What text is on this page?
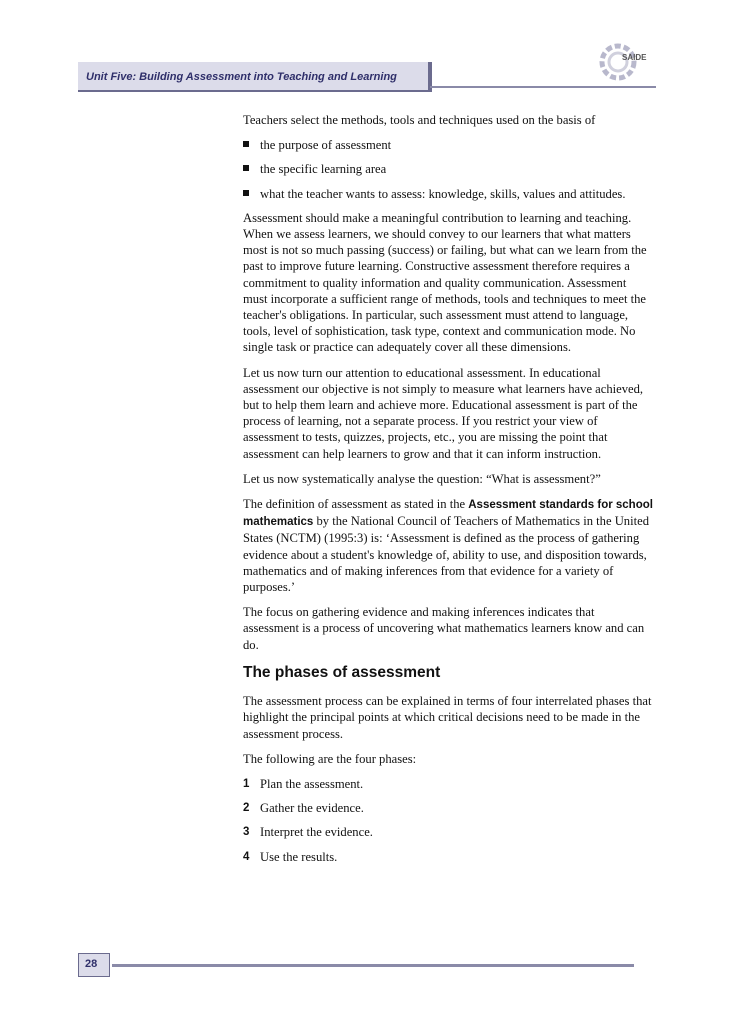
Unit Five: Building Assessment into Teaching and Learning
SAIDE

Teachers select the methods, tools and techniques used on the basis of

the purpose of assessment
the specific learning area
what the teacher wants to assess: knowledge, skills, values and attitudes.

Assessment should make a meaningful contribution to learning and teaching. When we assess learners, we should convey to our learners that what matters most is not so much passing (success) or failing, but what can we learn from the past to improve future learning. Constructive assessment therefore requires a commitment to quality information and quality communication. Assessment must incorporate a sufficient range of methods, tools and techniques to meet the teacher's obligations. In particular, such assessment must attend to language, tools, level of sophistication, task type, context and communication mode. No single task or practice can adequately cover all these dimensions.

Let us now turn our attention to educational assessment. In educational assessment our objective is not simply to measure what learners have achieved, but to help them learn and achieve more. Educational assessment is part of the process of learning, not a separate process. If you restrict your view of assessment to tests, quizzes, projects, etc., you are missing the point that assessment can help learners to grow and that it can inform instruction.

Let us now systematically analyse the question: “What is assessment?”

The definition of assessment as stated in the Assessment standards for school mathematics by the National Council of Teachers of Mathematics in the United States (NCTM) (1995:3) is: ‘Assessment is defined as the process of gathering evidence about a student's knowledge of, ability to use, and disposition towards, mathematics and of making inferences from that evidence for a variety of purposes.’

The focus on gathering evidence and making inferences indicates that assessment is a process of uncovering what mathematics learners know and can do.

The phases of assessment

The assessment process can be explained in terms of four interrelated phases that highlight the principal points at which critical decisions need to be made in the assessment process.

The following are the four phases:

1 Plan the assessment.
2 Gather the evidence.
3 Interpret the evidence.
4 Use the results.
28
